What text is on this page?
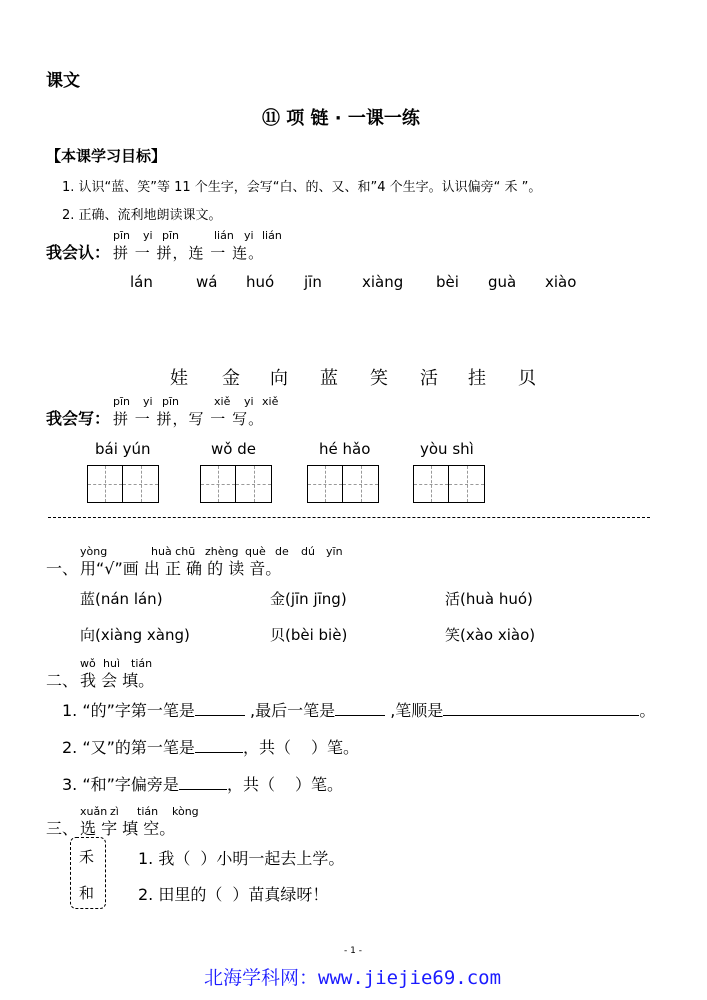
课文
⑪ 项 链 · 一课一练
【本课学习目标】
1. 认识“蓝、笑”等 11 个生字，会写“白、的、又、和”4 个生字。认识偏旁“ 禾 ”。
2. 正确、流利地朗读课文。
我会认：
pīn yi pīn	lián yi lián
拼 一 拼，连 一 连。
lán	wá huó jīn	xiàng bèi guà xiào
娃 金 向 蓝 笑 活 挂 贝
我会写：
pīn yi pīn	xiě yi xiě
拼 一 拼，写 一 写。
bái yún	wǒ de	hé hǎo	yòu shì
一、
yòng	huà chū zhèng què de dú yīn
用“√”画 出 正 确 的 读 音。
蓝(nán lán)	金(jīn jīng)	活(huà huó)
向(xiàng xàng)	贝(bèi biè)	笑(xào xiào)
二、
wǒ huì tián
我 会 填。
1. “的”字第一笔是	,最后一笔是	,笔顺是	。
2. “又”的第一笔是	，共（ ）笔。
3. “和”字偏旁是	，共（ ）笔。
三、
xuǎn zì tián kòng
选 字 填 空。
禾
和
1. 我（ ）小明一起去上学。
2. 田里的（ ）苗真绿呀！
- 1 -
北海学科网：www.jiejie69.com
